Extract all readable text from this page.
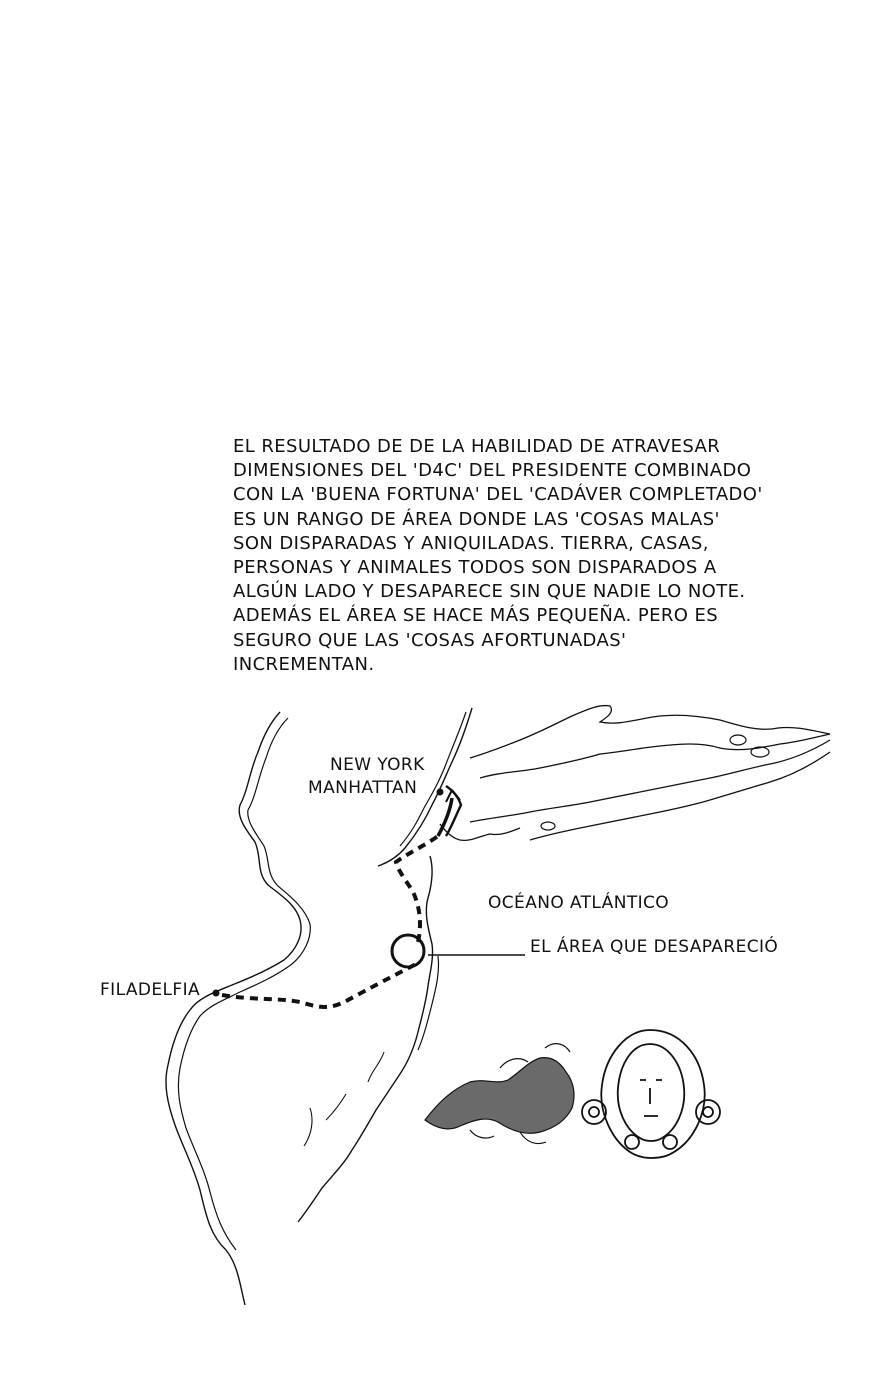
EL RESULTADO DE DE LA HABILIDAD DE ATRAVESAR
DIMENSIONES DEL 'D4C' DEL PRESIDENTE COMBINADO
CON LA 'BUENA FORTUNA' DEL 'CADÁVER COMPLETADO'
ES UN RANGO DE ÁREA DONDE LAS 'COSAS MALAS'
SON DISPARADAS Y ANIQUILADAS. TIERRA, CASAS,
PERSONAS Y ANIMALES TODOS SON DISPARADOS A
ALGÚN LADO Y DESAPARECE SIN QUE NADIE LO NOTE.
ADEMÁS EL ÁREA SE HACE MÁS PEQUEÑA. PERO ES
SEGURO QUE LAS 'COSAS AFORTUNADAS'
INCREMENTAN.
NEW YORK
MANHATTAN
OCÉANO ATLÁNTICO
EL ÁREA QUE DESAPARECIÓ
FILADELFIA
